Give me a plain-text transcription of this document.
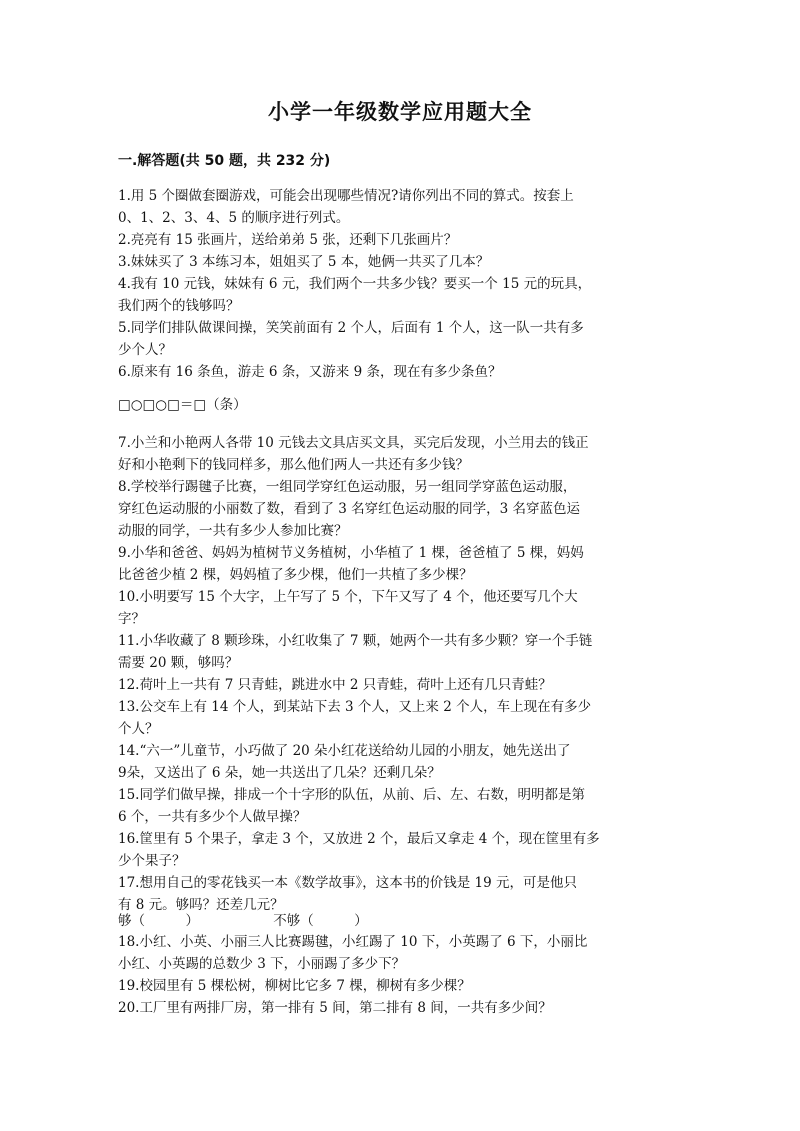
小学一年级数学应用题大全
一.解答题(共 50 题，共 232 分)
1.用 5 个圈做套圈游戏，可能会出现哪些情况?请你列出不同的算式。按套上
0、1、2、3、4、5 的顺序进行列式。
2.亮亮有 15 张画片，送给弟弟 5 张，还剩下几张画片？
3.妹妹买了 3 本练习本，姐姐买了 5 本，她俩一共买了几本？
4.我有 10 元钱，妹妹有 6 元，我们两个一共多少钱？要买一个 15 元的玩具，
我们两个的钱够吗？
5.同学们排队做课间操，笑笑前面有 2 个人，后面有 1 个人，这一队一共有多
少个人？
6.原来有 16 条鱼，游走 6 条，又游来 9 条，现在有多少条鱼？
□○□○□＝□（条）
7.小兰和小艳两人各带 10 元钱去文具店买文具，买完后发现，小兰用去的钱正
好和小艳剩下的钱同样多，那么他们两人一共还有多少钱？
8.学校举行踢毽子比赛，一组同学穿红色运动服，另一组同学穿蓝色运动服，
穿红色运动服的小丽数了数，看到了 3 名穿红色运动服的同学，3 名穿蓝色运
动服的同学，一共有多少人参加比赛？
9.小华和爸爸、妈妈为植树节义务植树，小华植了 1 棵，爸爸植了 5 棵，妈妈
比爸爸少植 2 棵，妈妈植了多少棵，他们一共植了多少棵？
10.小明要写 15 个大字，上午写了 5 个，下午又写了 4 个，他还要写几个大
字？
11.小华收藏了 8 颗珍珠，小红收集了 7 颗，她两个一共有多少颗？穿一个手链
需要 20 颗，够吗？
12.荷叶上一共有 7 只青蛙，跳进水中 2 只青蛙，荷叶上还有几只青蛙？
13.公交车上有 14 个人，到某站下去 3 个人，又上来 2 个人，车上现在有多少
个人？
14.“六一”儿童节，小巧做了 20 朵小红花送给幼儿园的小朋友，她先送出了
9朵，又送出了 6 朵，她一共送出了几朵？还剩几朵？
15.同学们做早操，排成一个十字形的队伍，从前、后、左、右数，明明都是第
6 个，一共有多少个人做早操？
16.筐里有 5 个果子，拿走 3 个，又放进 2 个，最后又拿走 4 个，现在筐里有多
少个果子？
17.想用自己的零花钱买一本《数学故事》，这本书的价钱是 19 元，可是他只
有 8 元。够吗？还差几元？
够（　　　）　　　　　　不够（　　　）
18.小红、小英、小丽三人比赛踢毽，小红踢了 10 下，小英踢了 6 下，小丽比
小红、小英踢的总数少 3 下，小丽踢了多少下？
19.校园里有 5 棵松树，柳树比它多 7 棵，柳树有多少棵？
20.工厂里有两排厂房，第一排有 5 间，第二排有 8 间，一共有多少间？
